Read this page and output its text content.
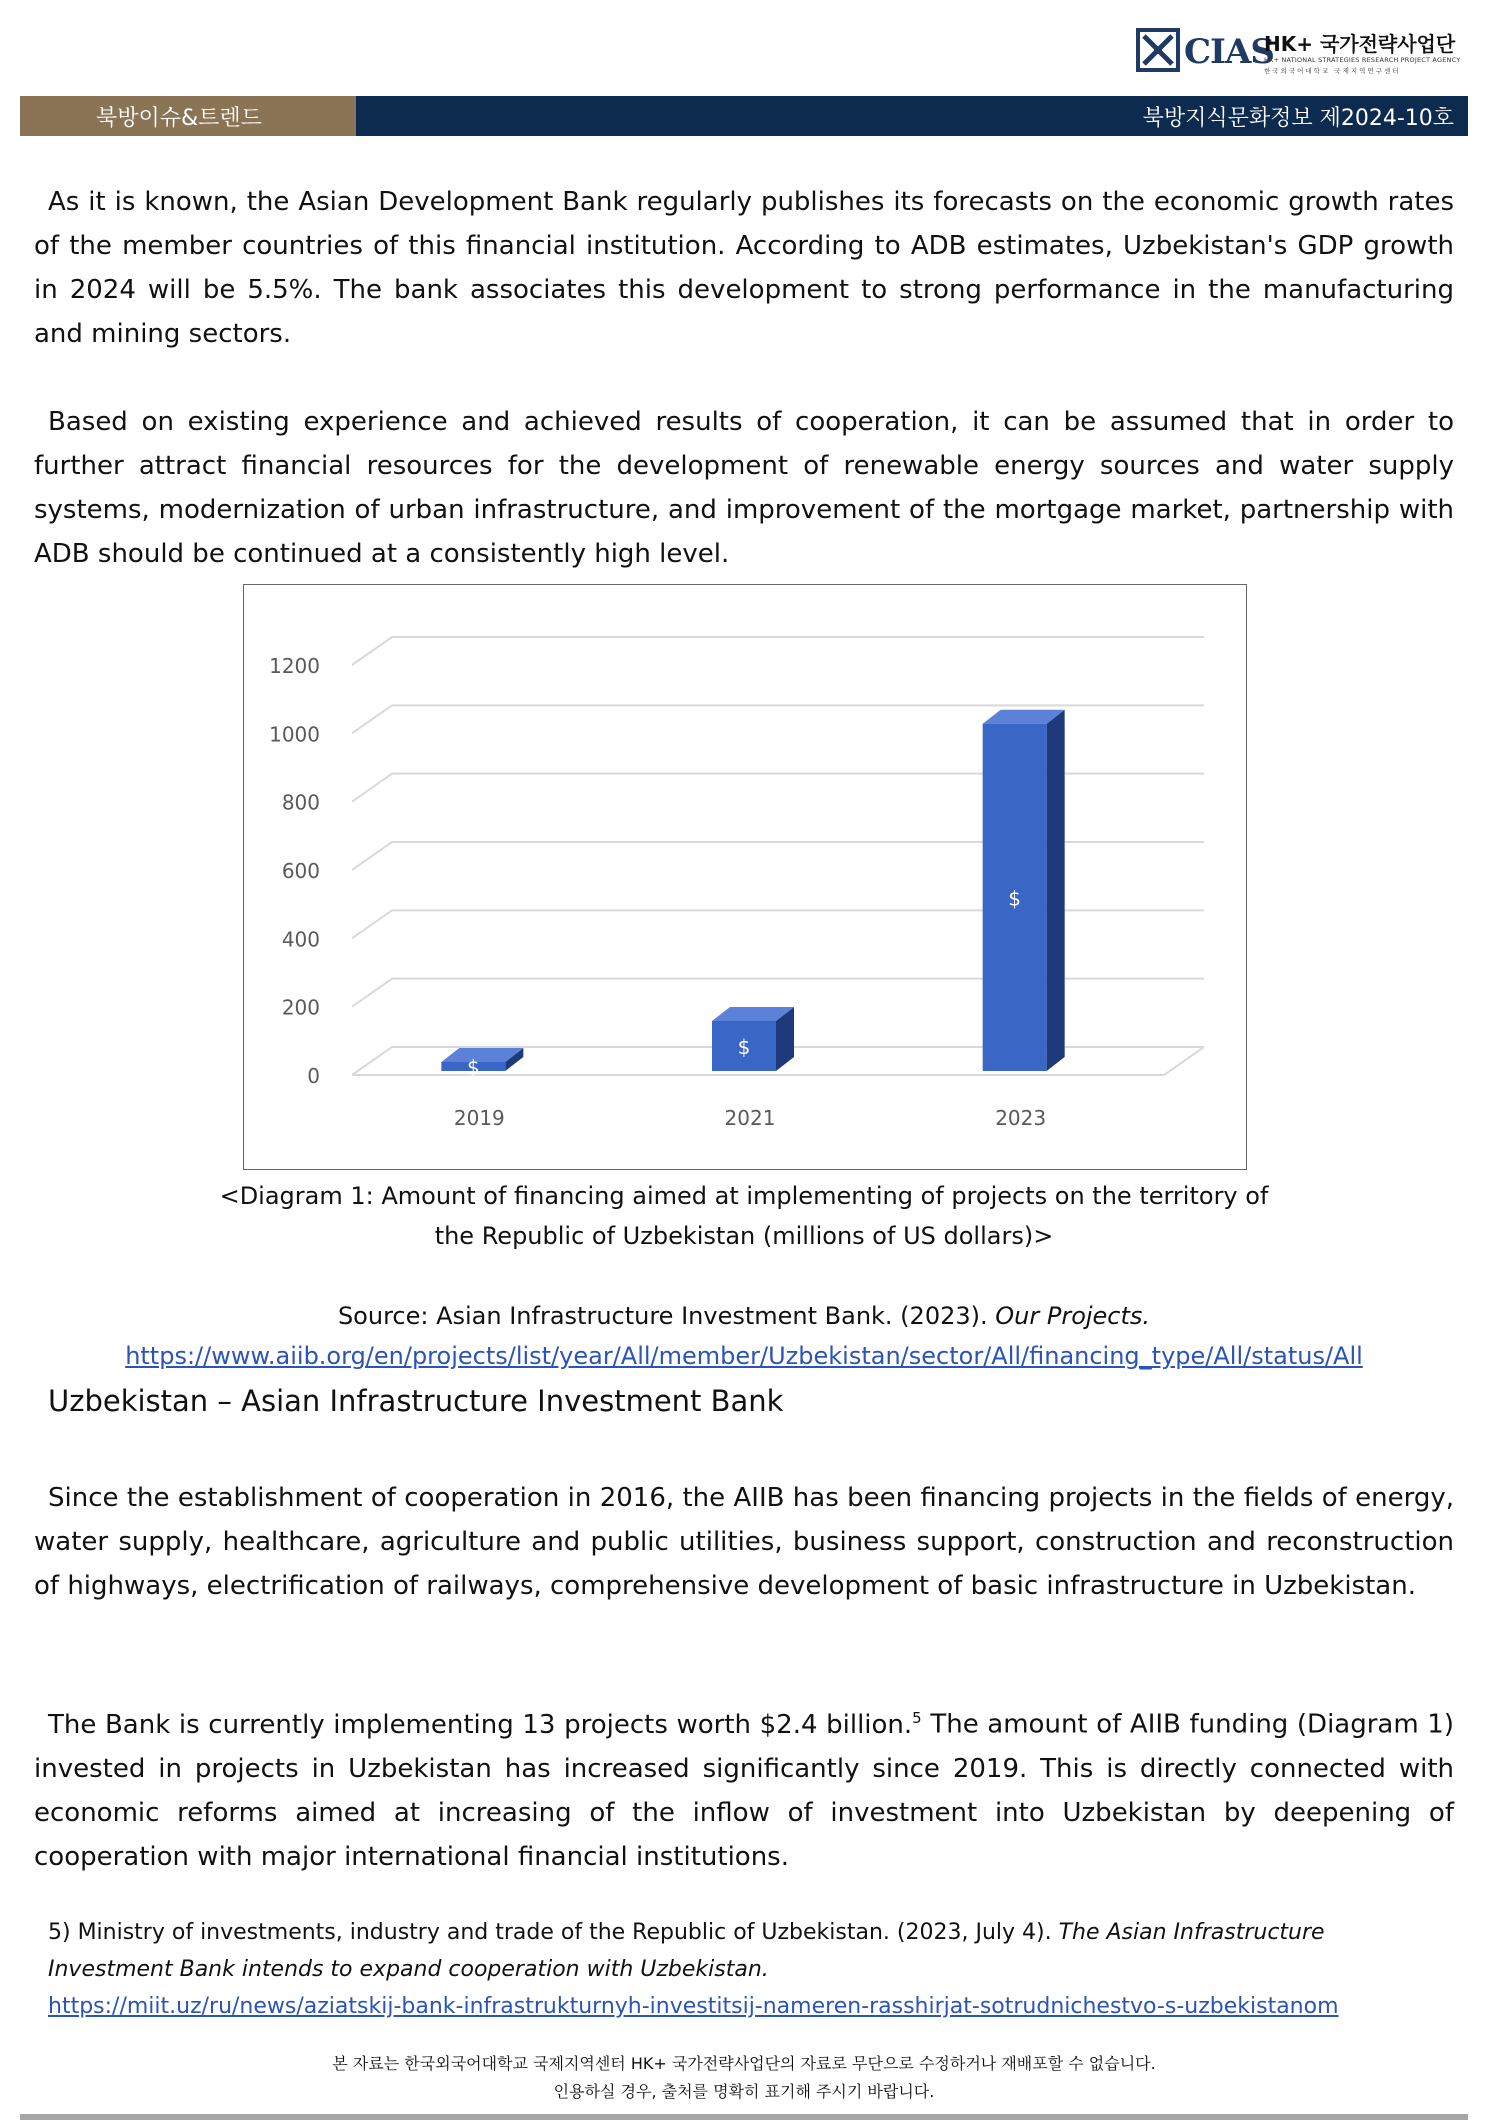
CIAS
HK+ 국가전략사업단
HK+ NATIONAL STRATEGIES RESEARCH PROJECT AGENCY
한국외국어대학교 국제지역연구센터
북방이슈&트렌드	북방지식문화정보 제2024-10호
As it is known, the Asian Development Bank regularly publishes its forecasts on the economic growth rates of the member countries of this financial institution. According to ADB estimates, Uzbekistan's GDP growth in 2024 will be 5.5%. The bank associates this development to strong performance in the manufacturing and mining sectors.
Based on existing experience and achieved results of cooperation, it can be assumed that in order to further attract financial resources for the development of renewable energy sources and water supply systems, modernization of urban infrastructure, and improvement of the mortgage market, partnership with ADB should be continued at a consistently high level.
0
200
400
600
800
1000
1200
$
2019
$
2021
$
2023
<Diagram 1: Amount of financing aimed at implementing of projects on the territory of
the Republic of Uzbekistan (millions of US dollars)>
Source: Asian Infrastructure Investment Bank. (2023). Our Projects.
https://www.aiib.org/en/projects/list/year/All/member/Uzbekistan/sector/All/financing_type/All/status/All
Uzbekistan – Asian Infrastructure Investment Bank
Since the establishment of cooperation in 2016, the AIIB has been financing projects in the fields of energy, water supply, healthcare, agriculture and public utilities, business support, construction and reconstruction of highways, electrification of railways, comprehensive development of basic infrastructure in Uzbekistan.
The Bank is currently implementing 13 projects worth $2.4 billion.$^5$ The amount of AIIB funding (Diagram 1) invested in projects in Uzbekistan has increased significantly since 2019. This is directly connected with economic reforms aimed at increasing of the inflow of investment into Uzbekistan by deepening of cooperation with major international financial institutions.
5) Ministry of investments, industry and trade of the Republic of Uzbekistan. (2023, July 4). The Asian Infrastructure Investment Bank intends to expand cooperation with Uzbekistan.
https://miit.uz/ru/news/aziatskij-bank-infrastrukturnyh-investitsij-nameren-rasshirjat-sotrudnichestvo-s-uzbekistanom
본 자료는 한국외국어대학교 국제지역센터 HK+ 국가전략사업단의 자료로 무단으로 수정하거나 재배포할 수 없습니다.
인용하실 경우, 출처를 명확히 표기해 주시기 바랍니다.
